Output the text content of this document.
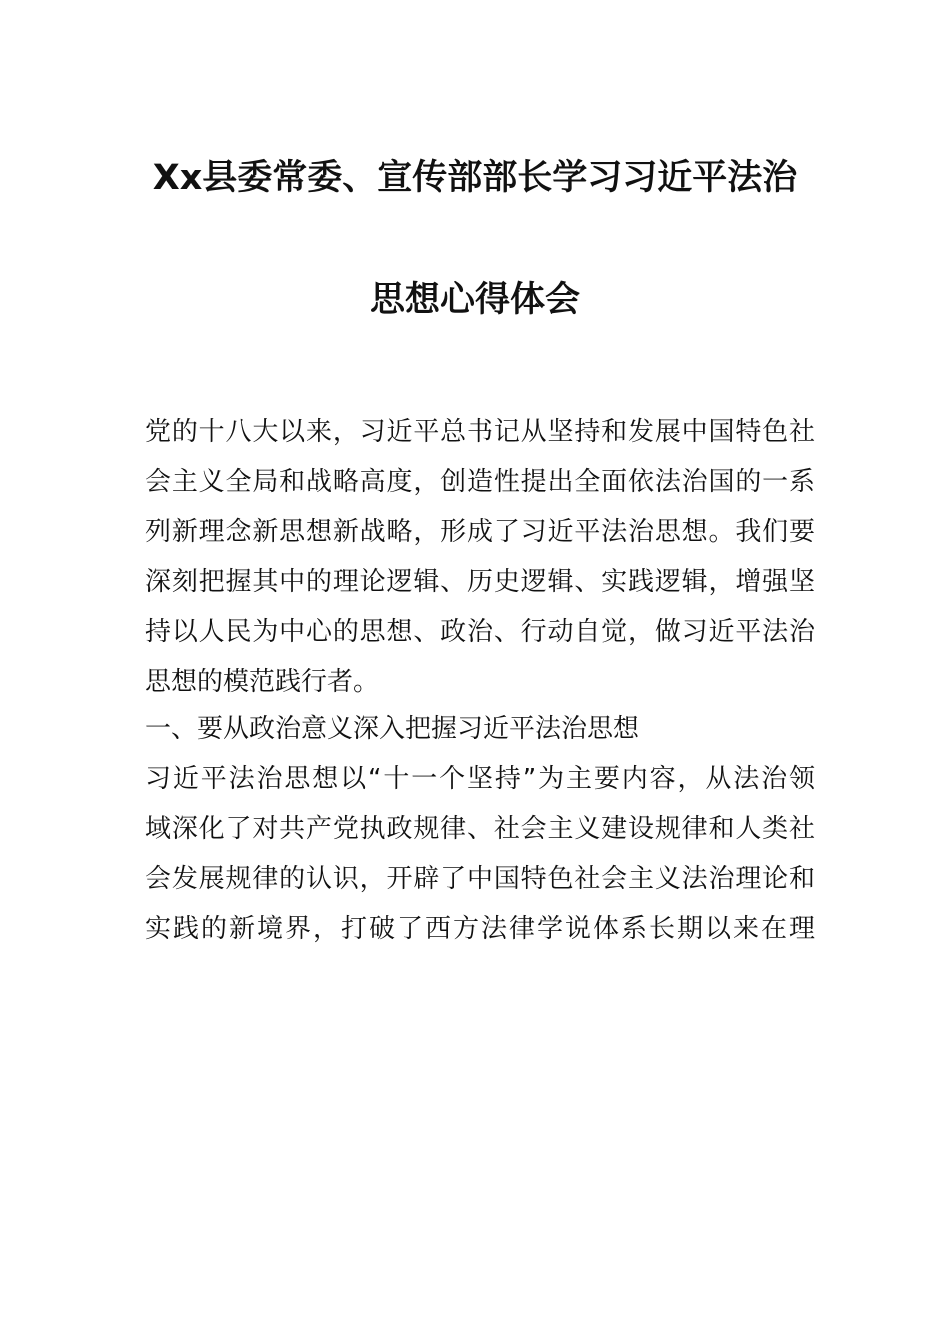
Xx县委常委、宣传部部长学习习近平法治
思想心得体会
党的十八大以来，习近平总书记从坚持和发展中国特色社
会主义全局和战略高度，创造性提出全面依法治国的一系
列新理念新思想新战略，形成了习近平法治思想。我们要
深刻把握其中的理论逻辑、历史逻辑、实践逻辑，增强坚
持以人民为中心的思想、政治、行动自觉，做习近平法治
思想的模范践行者。
一、要从政治意义深入把握习近平法治思想
习近平法治思想以“十一个坚持”为主要内容，从法治领
域深化了对共产党执政规律、社会主义建设规律和人类社
会发展规律的认识，开辟了中国特色社会主义法治理论和
实践的新境界，打破了西方法律学说体系长期以来在理
